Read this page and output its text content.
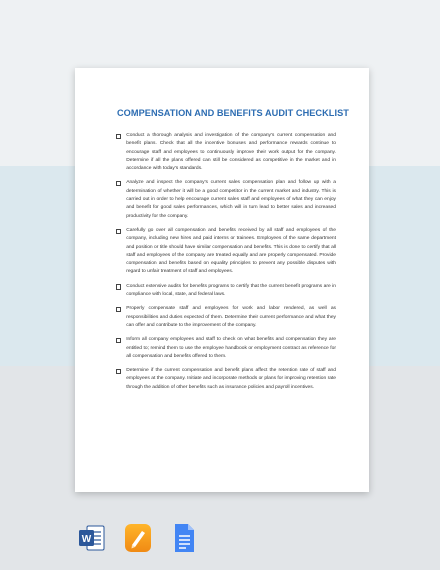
COMPENSATION AND BENEFITS AUDIT CHECKLIST
Conduct a thorough analysis and investigation of the company's current compensation and benefit plans. Check that all the incentive bonuses and performance rewards continue to encourage staff and employees to continuously improve their work output for the company. Determine if all the plans offered can still be considered as competitive in the market and in accordance with today's standards.
Analyze and inspect the company's current sales compensation plan and follow up with a determination of whether it will be a good competitor in the current market and industry. This is carried out in order to help encourage current sales staff and employees of what they can enjoy and benefit for good sales performances, which will in turn lead to better sales and increased productivity for the company.
Carefully go over all compensation and benefits received by all staff and employees of the company, including new hires and paid interns or trainees. Employees of the same department and position or title should have similar compensation and benefits. This is done to certify that all staff and employees of the company are treated equally and are properly compensated. Provide compensation and benefits based on equality principles to prevent any possible disputes with regard to unfair treatment of staff and employees.
Conduct extensive audits for benefits programs to certify that the current benefit programs are in compliance with local, state, and federal laws.
Properly compensate staff and employees for work and labor rendered, as well as responsibilities and duties expected of them. Determine their current performance and what they can offer and contribute to the improvement of the company.
Inform all company employees and staff to check on what benefits and compensation they are entitled to; remind them to use the employee handbook or employment contract as reference for all compensation and benefits offered to them.
Determine if the current compensation and benefit plans affect the retention rate of staff and employees at the company. Initiate and incorporate methods or plans for improving retention rate through the addition of other benefits such as insurance policies and payroll incentives.
W
